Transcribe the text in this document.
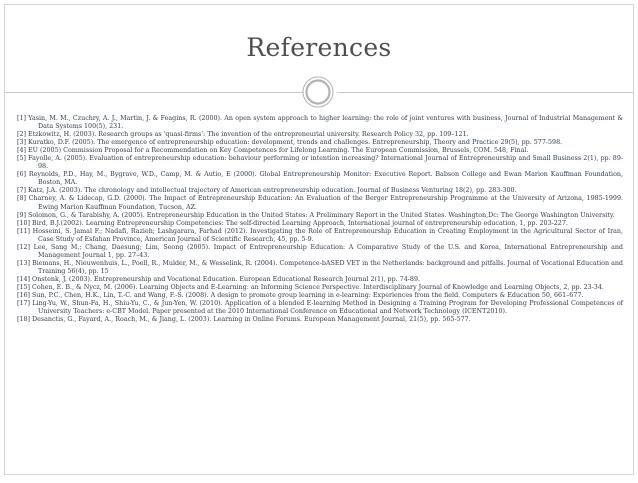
References

[1] Yasin, M. M., Czuchry, A. J., Martin, J. & Feagins, R. (2000). An open system approach to higher learning: the role of joint ventures with business, Journal of Industrial Management & Data Systems 100(5), 231.

[2] Etzkowitz, H. (2003). Research groups as 'quasi-firms': The invention of the entrepreneurial university. Research Policy 32, pp. 109–121.

[3] Kuratko, D.F. (2005). The emergence of entrepreneurship education: development, trends and challenges. Entrepreneurship, Theory and Practice 29(5), pp. 577-598.

[4] EU (2005) Commission Proposal for a Recommendation on Key Competences for Lifelong Learning. The European Commission, Brussels, COM. 548, Final.

[5] Fayolle, A. (2005). Evaluation of entrepreneurship education: behaviour performing or intention increasing? International Journal of Entrepreneurship and Small Business 2(1), pp. 89-98.

[6] Reynolds, P.D., Hay, M., Bygrave, W.D., Camp, M. & Autio, E (2000). Global Entrepreneurship Monitor: Executive Report. Babson College and Ewan Marion Kauffman Foundation, Boston, MA.

[7] Katz, J.A. (2003). The chronology and intellectual trajectory of American entrepreneurship education. Journal of Business Venturing 18(2), pp. 283-300.

[8] Charney, A. & Lidecap, G.D. (2000). The Impact of Entrepreneurship Education: An Evaluation of the Berger Entrepreneurship Programme at the University of Arizona, 1985-1999. Ewing Marion Kauffman Foundation, Tucson, AZ.

[9] Solomon, G., & Tarabishy, A. (2005). Entrepreneurship Education in the United States: A Preliminary Report in the United States. Washington,Dc: The George Washington University.

[10] Bird, B.J.(2002). Learning Entrepreneurship Competencies: The self-directed Learning Approach, International journal of entrepreneurship education, 1, pp. 203-227.

[11] Hosseini, S. Jamal F.; Nadafi, Razieh; Lashgarara, Farhad (2012). Investigating the Role of Entrepreneurship Education in Creating Employment in the Agricultural Sector of Iran, Case Study of Esfahan Province, American Journal of Scientific Research, 45, pp. 5-9.

[12] Lee, Sang M.; Chang, Daesung; Lim, Seong (2005). Impact of Entrepreneurship Education: A Comparative Study of the U.S. and Korea, International Entrepreneurship and Management Journal 1, pp. 27–43.

[13] Biemans, H., Nieuwenhuis, L., Poell, R., Mulder, M., & Wesselink, R. (2004). Competence-bASED VET in the Netherlands: background and pitfalls. Journal of Vocational Education and Training 56(4), pp. 15

[14] Onstenk, J. (2003). Entrepreneurship and Vocational Education. European Educational Research Journal 2(1), pp. 74-89.

[15] Cohen, E. B., & Nycz, M. (2006). Learning Objects and E-Learning: an Informing Science Perspective. Interdisciplinary Journal of Knowledge and Learning Objects, 2, pp. 23-34.

[16] Sun, P.C., Chen, H.K., Lin, T.-C. and Wang, F.-S. (2008). A design to promote group learning in e-learning: Experiences from the field. Computers & Education 50, 661–677.

[17] Ling-Yu, W., Shun-Fa, H., Shiu-Yu, C., & Jun-Yen, W. (2010). Application of a blended E-learning Method in Designing a Training Program for Developing Professional Competences of University Teachers: e-CBT Model. Paper presented at the 2010 International Conference on Educational and Network Technology (ICENT2010).

[18] Desanctis, G., Fayard, A., Roach, M., & Jiang, L. (2003). Learning in Online Forums. European Management Journal, 21(5), pp. 565-577.
